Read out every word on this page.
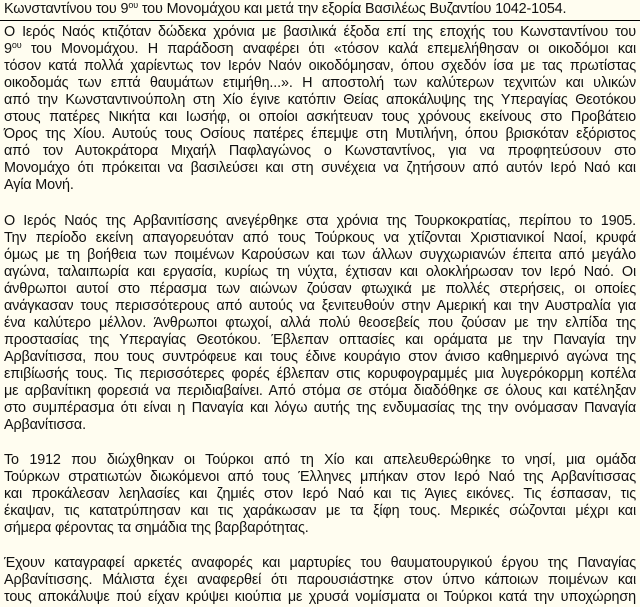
Κωνσταντίνου του $9^{o\upsilon}$ του Μονομάχου και μετά την εξορία Βασιλέως Βυζαντίου 1042-1054.
Ο Ιερός Ναός κτιζόταν δώδεκα χρόνια με βασιλικά έξοδα επί της εποχής του Κωνσταντίνου του
$9^{o\upsilon}$ του Μονομάχου. Η παράδοση αναφέρει ότι «τόσον καλά επεμελήθησαν οι οικοδόμοι και
τόσον κατά πολλά χαρίεντως τον Ιερόν Ναόν οικοδόμησαν, όπου σχεδόν ίσα με τας πρωτίστας
οικοδομάς των επτά θαυμάτων ετιμήθη...». Η αποστολή των καλύτερων τεχνιτών και υλικών
από την Κωνσταντινούπολη στη Χίο έγινε κατόπιν Θείας αποκάλυψης της Υπεραγίας Θεοτόκου
στους πατέρες Νικήτα και Ιωσήφ, οι οποίοι ασκήτευαν τους χρόνους εκείνους στο Προβάτειο
Όρος της Χίου. Αυτούς τους Οσίους πατέρες έπεμψε στη Μυτιλήνη, όπου βρισκόταν εξόριστος
από τον Αυτοκράτορα Μιχαήλ Παφλαγώνος ο Κωνσταντίνος, για να προφητεύσουν στο
Μονομάχο ότι πρόκειται να βασιλεύσει και στη συνέχεια να ζητήσουν από αυτόν Ιερό Ναό και
Αγία Μονή.
Ο Ιερός Ναός της Αρβανιτίσσης ανεγέρθηκε στα χρόνια της Τουρκοκρατίας, περίπου το 1905.
Την περίοδο εκείνη απαγορευόταν από τους Τούρκους να χτίζονται Χριστιανικοί Ναοί, κρυφά
όμως με τη βοήθεια των ποιμένων Καρούσων και των άλλων συγχωριανών έπειτα από μεγάλο
αγώνα, ταλαιπωρία και εργασία, κυρίως τη νύχτα, έχτισαν και ολοκλήρωσαν τον Ιερό Ναό. Οι
άνθρωποι αυτοί στο πέρασμα των αιώνων ζούσαν φτωχικά με πολλές στερήσεις, οι οποίες
ανάγκασαν τους περισσότερους από αυτούς να ξενιτευθούν στην Αμερική και την Αυστραλία για
ένα καλύτερο μέλλον. Άνθρωποι φτωχοί, αλλά πολύ θεοσεβείς που ζούσαν με την ελπίδα της
προστασίας της Υπεραγίας Θεοτόκου. Έβλεπαν οπτασίες και οράματα με την Παναγία την
Αρβανίτισσα, που τους συντρόφευε και τους έδινε κουράγιο στον άνισο καθημερινό αγώνα της
επιβίωσής τους. Τις περισσότερες φορές έβλεπαν στις κορυφογραμμές μια λυγερόκορμη κοπέλα
με αρβανίτικη φορεσιά να περιδιαβαίνει. Από στόμα σε στόμα διαδόθηκε σε όλους και κατέληξαν
στο συμπέρασμα ότι είναι η Παναγία και λόγω αυτής της ενδυμασίας της την ονόμασαν Παναγία
Αρβανίτισσα.
Το 1912 που διώχθηκαν οι Τούρκοι από τη Χίο και απελευθερώθηκε το νησί, μια ομάδα
Τούρκων στρατιωτών διωκόμενοι από τους Έλληνες μπήκαν στον Ιερό Ναό της Αρβανίτισσας
και προκάλεσαν λεηλασίες και ζημιές στον Ιερό Ναό και τις Άγιες εικόνες. Τις έσπασαν, τις
έκαψαν, τις κατατρύπησαν και τις χαράκωσαν με τα ξίφη τους. Μερικές σώζονται μέχρι και
σήμερα φέροντας τα σημάδια της βαρβαρότητας.
Έχουν καταγραφεί αρκετές αναφορές και μαρτυρίες του θαυματουργικού έργου της Παναγίας
Αρβανίτισσης. Μάλιστα έχει αναφερθεί ότι παρουσιάστηκε στον ύπνο κάποιων ποιμένων και
τους αποκάλυψε πού είχαν κρύψει κιούπια με χρυσά νομίσματα οι Τούρκοι κατά την υποχώρηση
